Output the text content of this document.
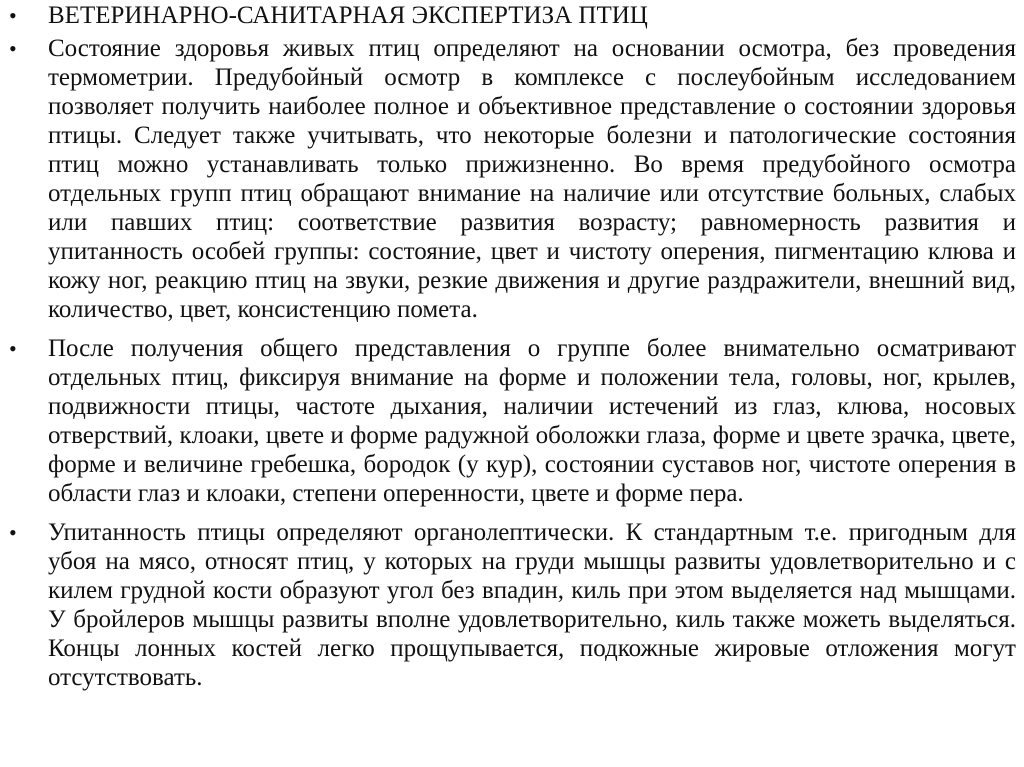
• ВЕТЕРИНАРНО-САНИТАРНАЯ ЭКСПЕРТИЗА ПТИЦ
• Состояние здоровья живых птиц определяют на основании осмотра, без проведения термометрии. Предубойный осмотр в комплексе с послеубойным исследованием позволяет получить наиболее полное и объективное представление о состоянии здоровья птицы. Следует также учитывать, что некоторые болезни и патологические состояния птиц можно устанавливать только прижизненно. Во время предубойного осмотра отдельных групп птиц обращают внимание на наличие или отсутствие больных, слабых или павших птиц: соответствие развития возрасту; равномерность развития и упитанность особей группы: состояние, цвет и чистоту оперения, пигментацию клюва и кожу ног, реакцию птиц на звуки, резкие движения и другие раздражители, внешний вид, количество, цвет, консистенцию помета.
• После получения общего представления о группе более внимательно осматривают отдельных птиц, фиксируя внимание на форме и положении тела, головы, ног, крылев, подвижности птицы, частоте дыхания, наличии истечений из глаз, клюва, носовых отверствий, клоаки, цвете и форме радужной оболожки глаза, форме и цвете зрачка, цвете, форме и величине гребешка, бородок (у кур), состоянии суставов ног, чистоте оперения в области глаз и клоаки, степени оперенности, цвете и форме пера.
• Упитанность птицы определяют органолептически. К стандартным т.е. пригодным для убоя на мясо, относят птиц, у которых на груди мышцы развиты удовлетворительно и с килем грудной кости образуют угол без впадин, киль при этом выделяется над мышцами. У бройлеров мышцы развиты вполне удовлетворительно, киль также можеть выделяться. Концы лонных костей легко прощупывается, подкожные жировые отложения могут отсутствовать.
